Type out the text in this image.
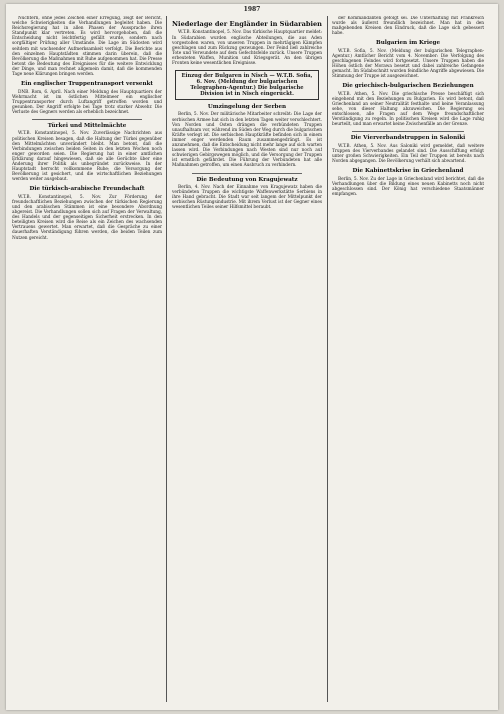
1987

Nüchtern, ohne jedes Zeichen einer Erregung, zeigt der Bericht, welche Schwierigkeiten die Verhandlungen begleitet haben. Die Reichsregierung hat in allen Phasen der Aussprache ihren Standpunkt klar vertreten. Es wird hervorgehoben, daß die Entscheidung nicht leichtfertig gefällt wurde, sondern nach sorgfältiger Prüfung aller Umstände. Die Lage im Südosten wird seitdem mit wachsender Aufmerksamkeit verfolgt. Die Berichte aus den einzelnen Hauptstädten stimmen darin überein, daß die Bevölkerung die Maßnahmen mit Ruhe aufgenommen hat. Die Presse betont die Bedeutung des Ereignisses für die weitere Entwicklung der Dinge, und man rechnet allgemein damit, daß die kommenden Tage neue Klärungen bringen werden.

Ein englischer Truppentransport versenkt

DNB. Rom, 6. April. Nach einer Meldung des Hauptquartiers der Wehrmacht ist im östlichen Mittelmeer ein englischer Truppentransporter durch Luftangriff getroffen worden und gesunken. Der Angriff erfolgte bei Tage trotz starker Abwehr. Die Verluste des Gegners werden als erheblich bezeichnet.

Türkei und Mittelmächte

W.T.B. Konstantinopel, 5. Nov. Zuverlässige Nachrichten aus politischen Kreisen besagen, daß die Haltung der Türkei gegenüber den Mittelmächten unverändert bleibt. Man betont, daß die Verbindungen zwischen beiden Seiten in den letzten Wochen noch enger geworden seien. Die Regierung hat in einer amtlichen Erklärung darauf hingewiesen, daß sie alle Gerüchte über eine Änderung ihrer Politik als unbegründet zurückweise. In der Hauptstadt herrscht vollkommene Ruhe; die Versorgung der Bevölkerung ist gesichert, und die wirtschaftlichen Beziehungen werden weiter ausgebaut.

Die türkisch-arabische Freundschaft

W.T.B. Konstantinopel, 5. Nov. Zur Förderung der freundschaftlichen Beziehungen zwischen der türkischen Regierung und den arabischen Stämmen ist eine besondere Abordnung abgereist. Die Verhandlungen sollen sich auf Fragen der Verwaltung, des Handels und der gegenseitigen Sicherheit erstrecken. In den beteiligten Kreisen wird die Reise als ein Zeichen des wachsenden Vertrauens gewertet. Man erwartet, daß die Gespräche zu einer dauerhaften Verständigung führen werden, die beiden Teilen zum Nutzen gereicht.

Niederlage der Engländer in Südarabien

W.T.B. Konstantinopel, 5. Nov. Das türkische Hauptquartier meldet: In Südarabien wurden englische Abteilungen, die aus Aden vorgestoßen waren, von unseren Truppen in mehrtägigen Kämpfen geschlagen und zum Rückzug gezwungen. Der Feind ließ zahlreiche Tote und Verwundete auf dem Gefechtsfelde zurück. Unsere Truppen erbeuteten Waffen, Munition und Kriegsgerät. An den übrigen Fronten keine wesentlichen Ereignisse.

Einzug der Bulgaren in Nisch — W.T.B. Sofia, 6. Nov. (Meldung der bulgarischen Telegraphen-Agentur.) Die bulgarische Division ist in Nisch eingerückt.
Umzingelung der Serben

Berlin, 5. Nov. Der militärische Mitarbeiter schreibt: Die Lage der serbischen Armee hat sich in den letzten Tagen weiter verschlechtert. Von Norden und Osten drängen die verbündeten Truppen unaufhaltsam vor, während im Süden der Weg durch die bulgarischen Kräfte verlegt ist. Die serbischen Hauptkräfte befinden sich in einem immer enger werdenden Raum zusammengedrängt. Es ist anzunehmen, daß die Entscheidung nicht mehr lange auf sich warten lassen wird. Die Verbindungen nach Westen sind nur noch auf schwierigen Gebirgswegen möglich, und die Versorgung der Truppen ist ernstlich gefährdet. Die Führung der Verbündeten hat alle Maßnahmen getroffen, um einen Ausbruch zu verhindern.

Die Bedeutung von Kragujewatz

Berlin, 4. Nov. Nach der Einnahme von Kragujewatz haben die verbündeten Truppen die wichtigste Waffenwerkstätte Serbiens in ihre Hand gebracht. Die Stadt war seit langem der Mittelpunkt der serbischen Rüstungsindustrie. Mit ihrem Verlust ist der Gegner eines wesentlichen Teiles seiner Hilfsmittel beraubt.

der Kommandanten gefolgt sei. Die Unterhaltung mit Frankreich wurde als äußerst freundlich bezeichnet. Man hat in den maßgebenden Kreisen den Eindruck, daß die Lage sich gebessert habe.

Bulgarien im Kriege

W.T.B. Sofia, 5. Nov. (Meldung der bulgarischen Telegraphen-Agentur.) Amtlicher Bericht vom 4. November: Die Verfolgung des geschlagenen Feindes wird fortgesetzt. Unsere Truppen haben die Höhen östlich der Morawa besetzt und dabei zahlreiche Gefangene gemacht. Im Südabschnitt wurden feindliche Angriffe abgewiesen. Die Stimmung der Truppe ist ausgezeichnet.

Die griechisch-bulgarischen Beziehungen

W.T.B. Athen, 5. Nov. Die griechische Presse beschäftigt sich eingehend mit den Beziehungen zu Bulgarien. Es wird betont, daß Griechenland an seiner Neutralität festhalte und keine Veranlassung sehe, von dieser Haltung abzuweichen. Die Regierung sei entschlossen, alle Fragen auf dem Wege freundschaftlicher Verständigung zu regeln. In politischen Kreisen wird die Lage ruhig beurteilt, und man erwartet keine Zwischenfälle an der Grenze.

Die Vierverbandstruppen in Saloniki

W.T.B. Athen, 5. Nov. Aus Saloniki wird gemeldet, daß weitere Truppen des Vierverbandes gelandet sind. Die Ausschiffung erfolgt unter großen Schwierigkeiten. Ein Teil der Truppen ist bereits nach Norden abgegangen. Die Bevölkerung verhält sich abwartend.

Die Kabinettskrise in Griechenland

Berlin, 5. Nov. Zu der Lage in Griechenland wird berichtet, daß die Verhandlungen über die Bildung eines neuen Kabinetts noch nicht abgeschlossen sind. Der König hat verschiedene Staatsmänner empfangen.
